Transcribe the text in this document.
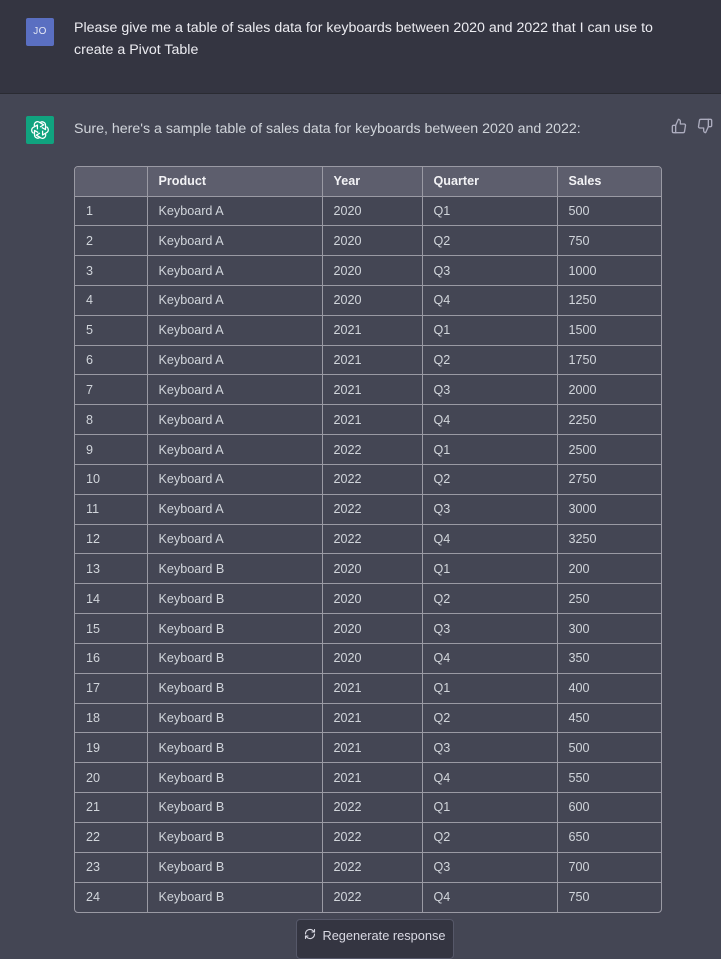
JO	Please give me a table of sales data for keyboards between 2020 and 2022 that I can use to create a Pivot Table
Sure, here's a sample table of sales data for keyboards between 2020 and 2022:
	Product	Year	Quarter	Sales
1	Keyboard A	2020	Q1	500
2	Keyboard A	2020	Q2	750
3	Keyboard A	2020	Q3	1000
4	Keyboard A	2020	Q4	1250
5	Keyboard A	2021	Q1	1500
6	Keyboard A	2021	Q2	1750
7	Keyboard A	2021	Q3	2000
8	Keyboard A	2021	Q4	2250
9	Keyboard A	2022	Q1	2500
10	Keyboard A	2022	Q2	2750
11	Keyboard A	2022	Q3	3000
12	Keyboard A	2022	Q4	3250
13	Keyboard B	2020	Q1	200
14	Keyboard B	2020	Q2	250
15	Keyboard B	2020	Q3	300
16	Keyboard B	2020	Q4	350
17	Keyboard B	2021	Q1	400
18	Keyboard B	2021	Q2	450
19	Keyboard B	2021	Q3	500
20	Keyboard B	2021	Q4	550
21	Keyboard B	2022	Q1	600
22	Keyboard B	2022	Q2	650
23	Keyboard B	2022	Q3	700
24	Keyboard B	2022	Q4	750
Regenerate response
